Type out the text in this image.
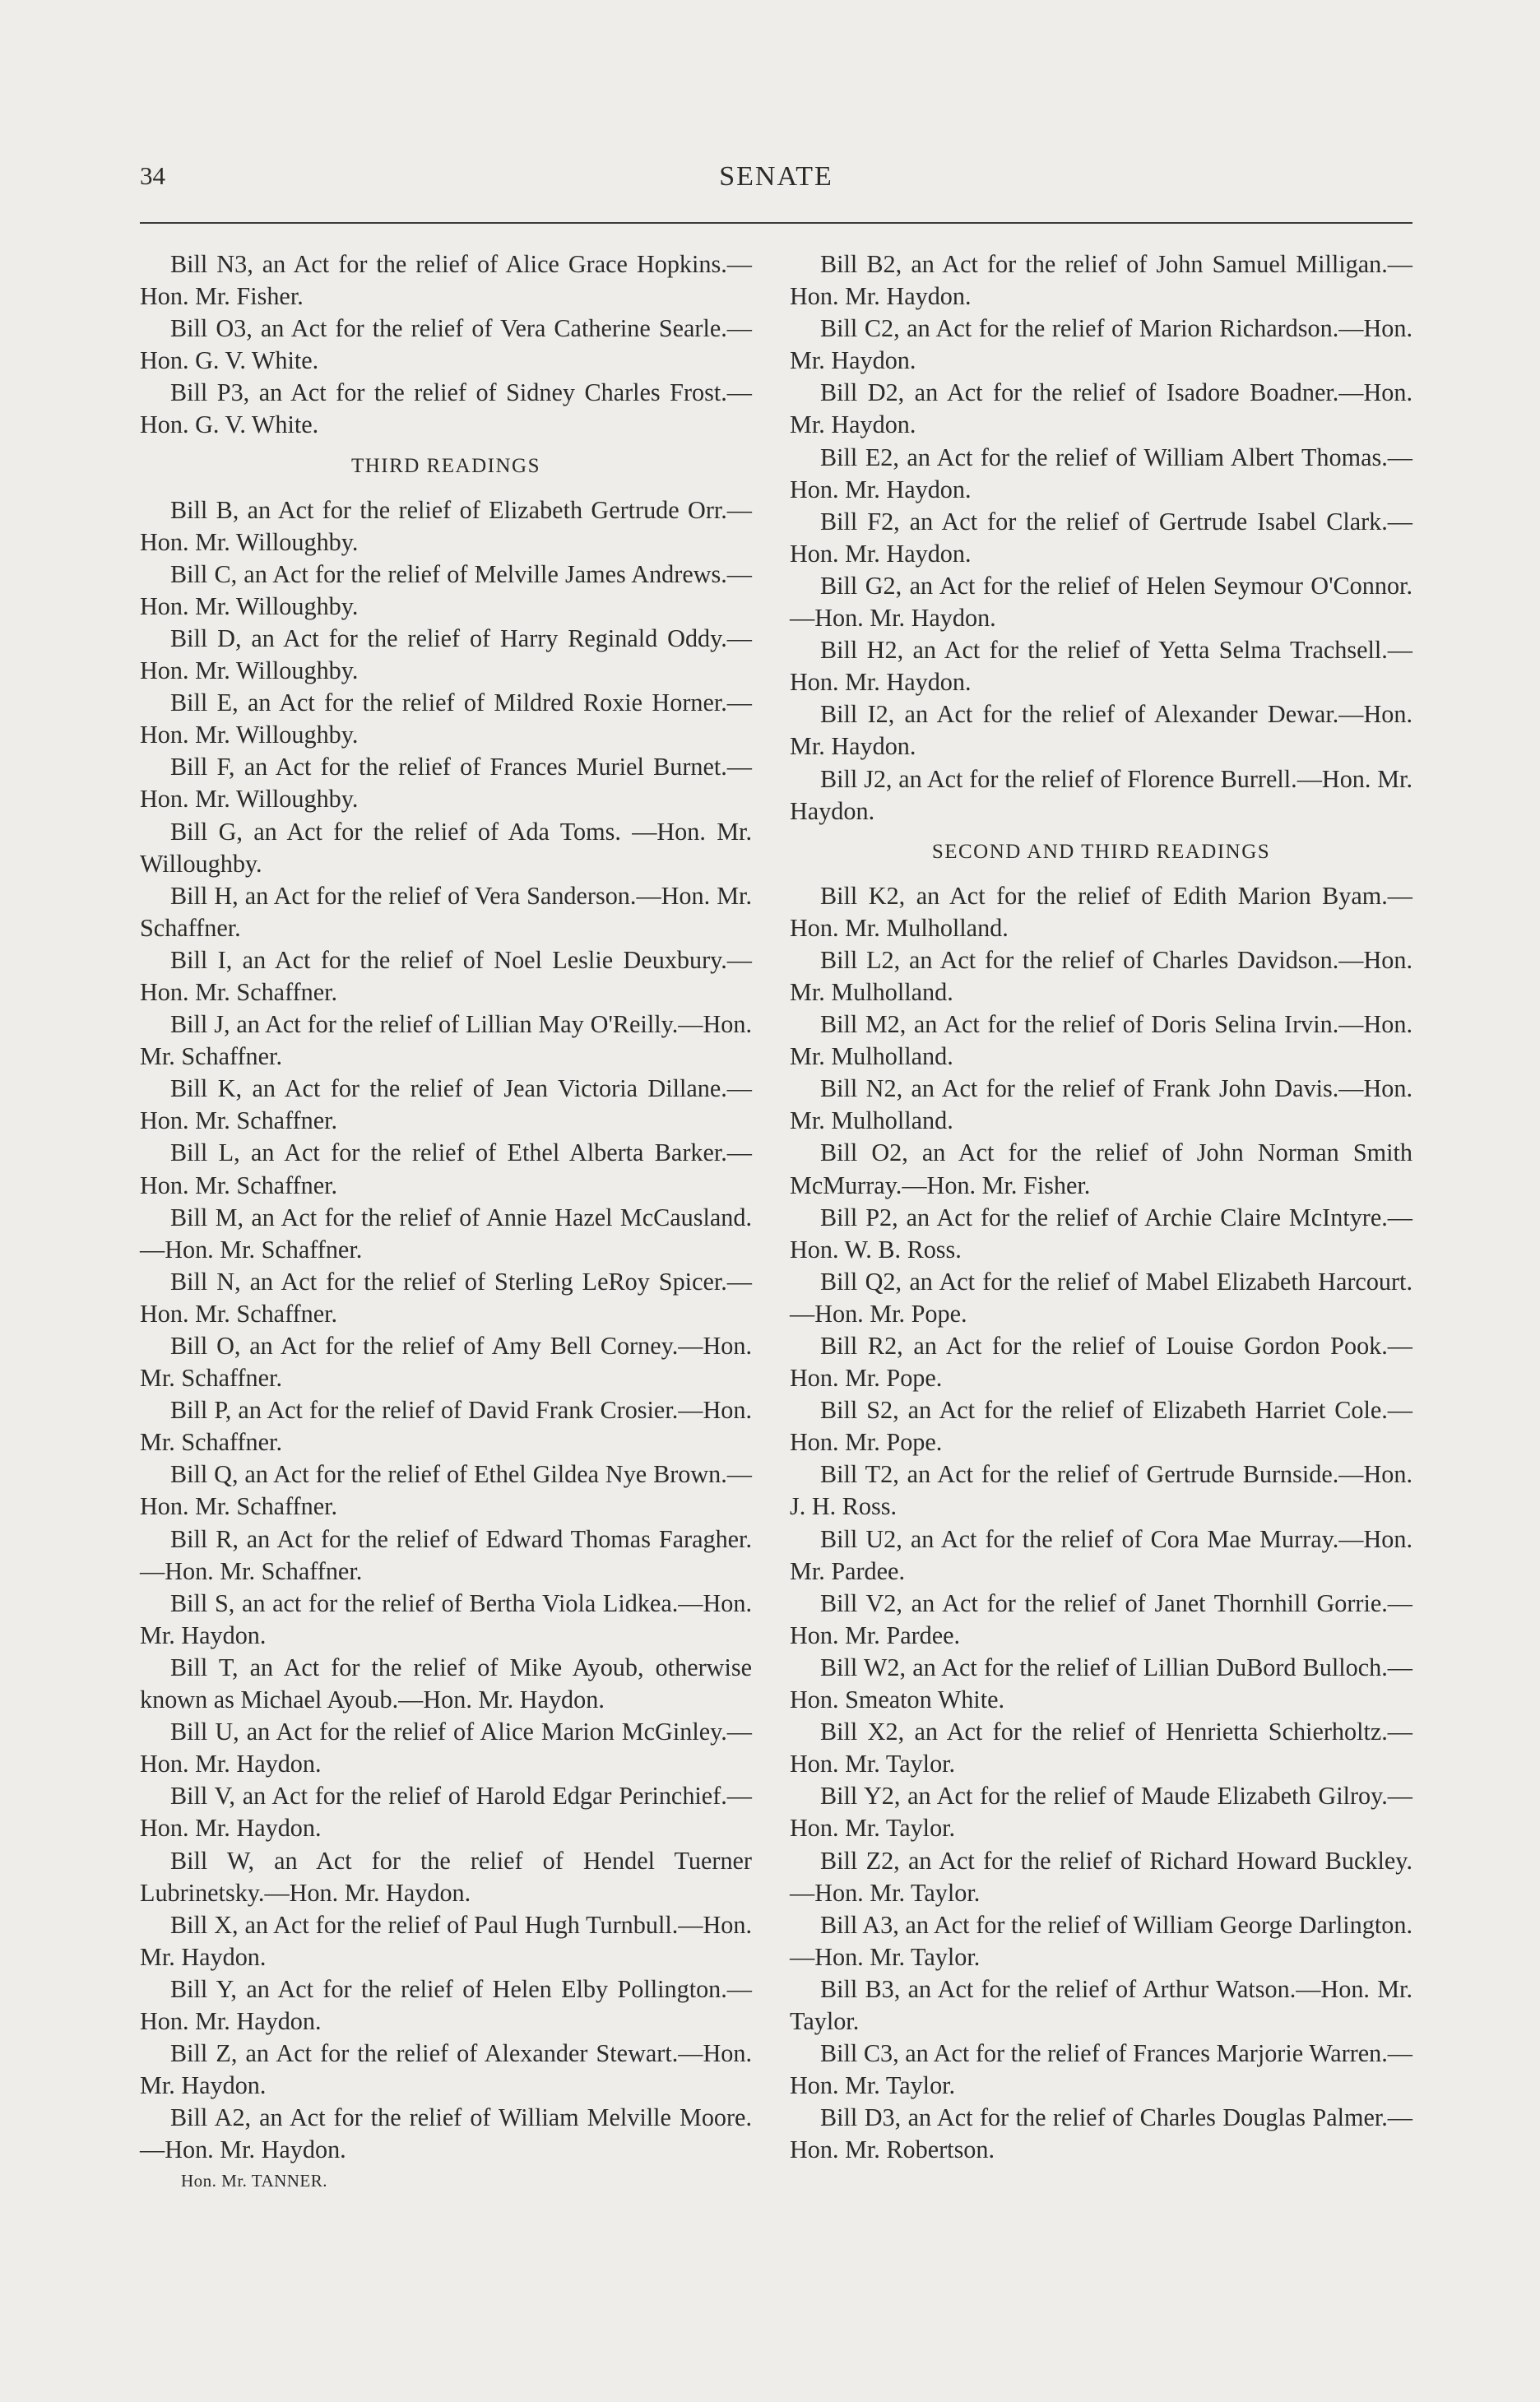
34	SENATE

Bill N3, an Act for the relief of Alice Grace Hopkins.—Hon. Mr. Fisher.

Bill O3, an Act for the relief of Vera Catherine Searle.—Hon. G. V. White.

Bill P3, an Act for the relief of Sidney Charles Frost.—Hon. G. V. White.

THIRD READINGS

Bill B, an Act for the relief of Elizabeth Gertrude Orr.—Hon. Mr. Willoughby.

Bill C, an Act for the relief of Melville James Andrews.—Hon. Mr. Willoughby.

Bill D, an Act for the relief of Harry Reginald Oddy.—Hon. Mr. Willoughby.

Bill E, an Act for the relief of Mildred Roxie Horner.—Hon. Mr. Willoughby.

Bill F, an Act for the relief of Frances Muriel Burnet.—Hon. Mr. Willoughby.

Bill G, an Act for the relief of Ada Toms. —Hon. Mr. Willoughby.

Bill H, an Act for the relief of Vera Sanderson.—Hon. Mr. Schaffner.

Bill I, an Act for the relief of Noel Leslie Deuxbury.—Hon. Mr. Schaffner.

Bill J, an Act for the relief of Lillian May O'Reilly.—Hon. Mr. Schaffner.

Bill K, an Act for the relief of Jean Victoria Dillane.—Hon. Mr. Schaffner.

Bill L, an Act for the relief of Ethel Alberta Barker.—Hon. Mr. Schaffner.

Bill M, an Act for the relief of Annie Hazel McCausland.—Hon. Mr. Schaffner.

Bill N, an Act for the relief of Sterling LeRoy Spicer.—Hon. Mr. Schaffner.

Bill O, an Act for the relief of Amy Bell Corney.—Hon. Mr. Schaffner.

Bill P, an Act for the relief of David Frank Crosier.—Hon. Mr. Schaffner.

Bill Q, an Act for the relief of Ethel Gildea Nye Brown.—Hon. Mr. Schaffner.

Bill R, an Act for the relief of Edward Thomas Faragher.—Hon. Mr. Schaffner.

Bill S, an act for the relief of Bertha Viola Lidkea.—Hon. Mr. Haydon.

Bill T, an Act for the relief of Mike Ayoub, otherwise known as Michael Ayoub.—Hon. Mr. Haydon.

Bill U, an Act for the relief of Alice Marion McGinley.—Hon. Mr. Haydon.

Bill V, an Act for the relief of Harold Edgar Perinchief.—Hon. Mr. Haydon.

Bill W, an Act for the relief of Hendel Tuerner Lubrinetsky.—Hon. Mr. Haydon.

Bill X, an Act for the relief of Paul Hugh Turnbull.—Hon. Mr. Haydon.

Bill Y, an Act for the relief of Helen Elby Pollington.—Hon. Mr. Haydon.

Bill Z, an Act for the relief of Alexander Stewart.—Hon. Mr. Haydon.

Bill A2, an Act for the relief of William Melville Moore.—Hon. Mr. Haydon.

Hon. Mr. TANNER.

Bill B2, an Act for the relief of John Samuel Milligan.—Hon. Mr. Haydon.

Bill C2, an Act for the relief of Marion Richardson.—Hon. Mr. Haydon.

Bill D2, an Act for the relief of Isadore Boadner.—Hon. Mr. Haydon.

Bill E2, an Act for the relief of William Albert Thomas.—Hon. Mr. Haydon.

Bill F2, an Act for the relief of Gertrude Isabel Clark.—Hon. Mr. Haydon.

Bill G2, an Act for the relief of Helen Seymour O'Connor.—Hon. Mr. Haydon.

Bill H2, an Act for the relief of Yetta Selma Trachsell.—Hon. Mr. Haydon.

Bill I2, an Act for the relief of Alexander Dewar.—Hon. Mr. Haydon.

Bill J2, an Act for the relief of Florence Burrell.—Hon. Mr. Haydon.

SECOND AND THIRD READINGS

Bill K2, an Act for the relief of Edith Marion Byam.—Hon. Mr. Mulholland.

Bill L2, an Act for the relief of Charles Davidson.—Hon. Mr. Mulholland.

Bill M2, an Act for the relief of Doris Selina Irvin.—Hon. Mr. Mulholland.

Bill N2, an Act for the relief of Frank John Davis.—Hon. Mr. Mulholland.

Bill O2, an Act for the relief of John Norman Smith McMurray.—Hon. Mr. Fisher.

Bill P2, an Act for the relief of Archie Claire McIntyre.—Hon. W. B. Ross.

Bill Q2, an Act for the relief of Mabel Elizabeth Harcourt.—Hon. Mr. Pope.

Bill R2, an Act for the relief of Louise Gordon Pook.—Hon. Mr. Pope.

Bill S2, an Act for the relief of Elizabeth Harriet Cole.—Hon. Mr. Pope.

Bill T2, an Act for the relief of Gertrude Burnside.—Hon. J. H. Ross.

Bill U2, an Act for the relief of Cora Mae Murray.—Hon. Mr. Pardee.

Bill V2, an Act for the relief of Janet Thornhill Gorrie.—Hon. Mr. Pardee.

Bill W2, an Act for the relief of Lillian DuBord Bulloch.—Hon. Smeaton White.

Bill X2, an Act for the relief of Henrietta Schierholtz.—Hon. Mr. Taylor.

Bill Y2, an Act for the relief of Maude Elizabeth Gilroy.—Hon. Mr. Taylor.

Bill Z2, an Act for the relief of Richard Howard Buckley.—Hon. Mr. Taylor.

Bill A3, an Act for the relief of William George Darlington.—Hon. Mr. Taylor.

Bill B3, an Act for the relief of Arthur Watson.—Hon. Mr. Taylor.

Bill C3, an Act for the relief of Frances Marjorie Warren.—Hon. Mr. Taylor.

Bill D3, an Act for the relief of Charles Douglas Palmer.—Hon. Mr. Robertson.
